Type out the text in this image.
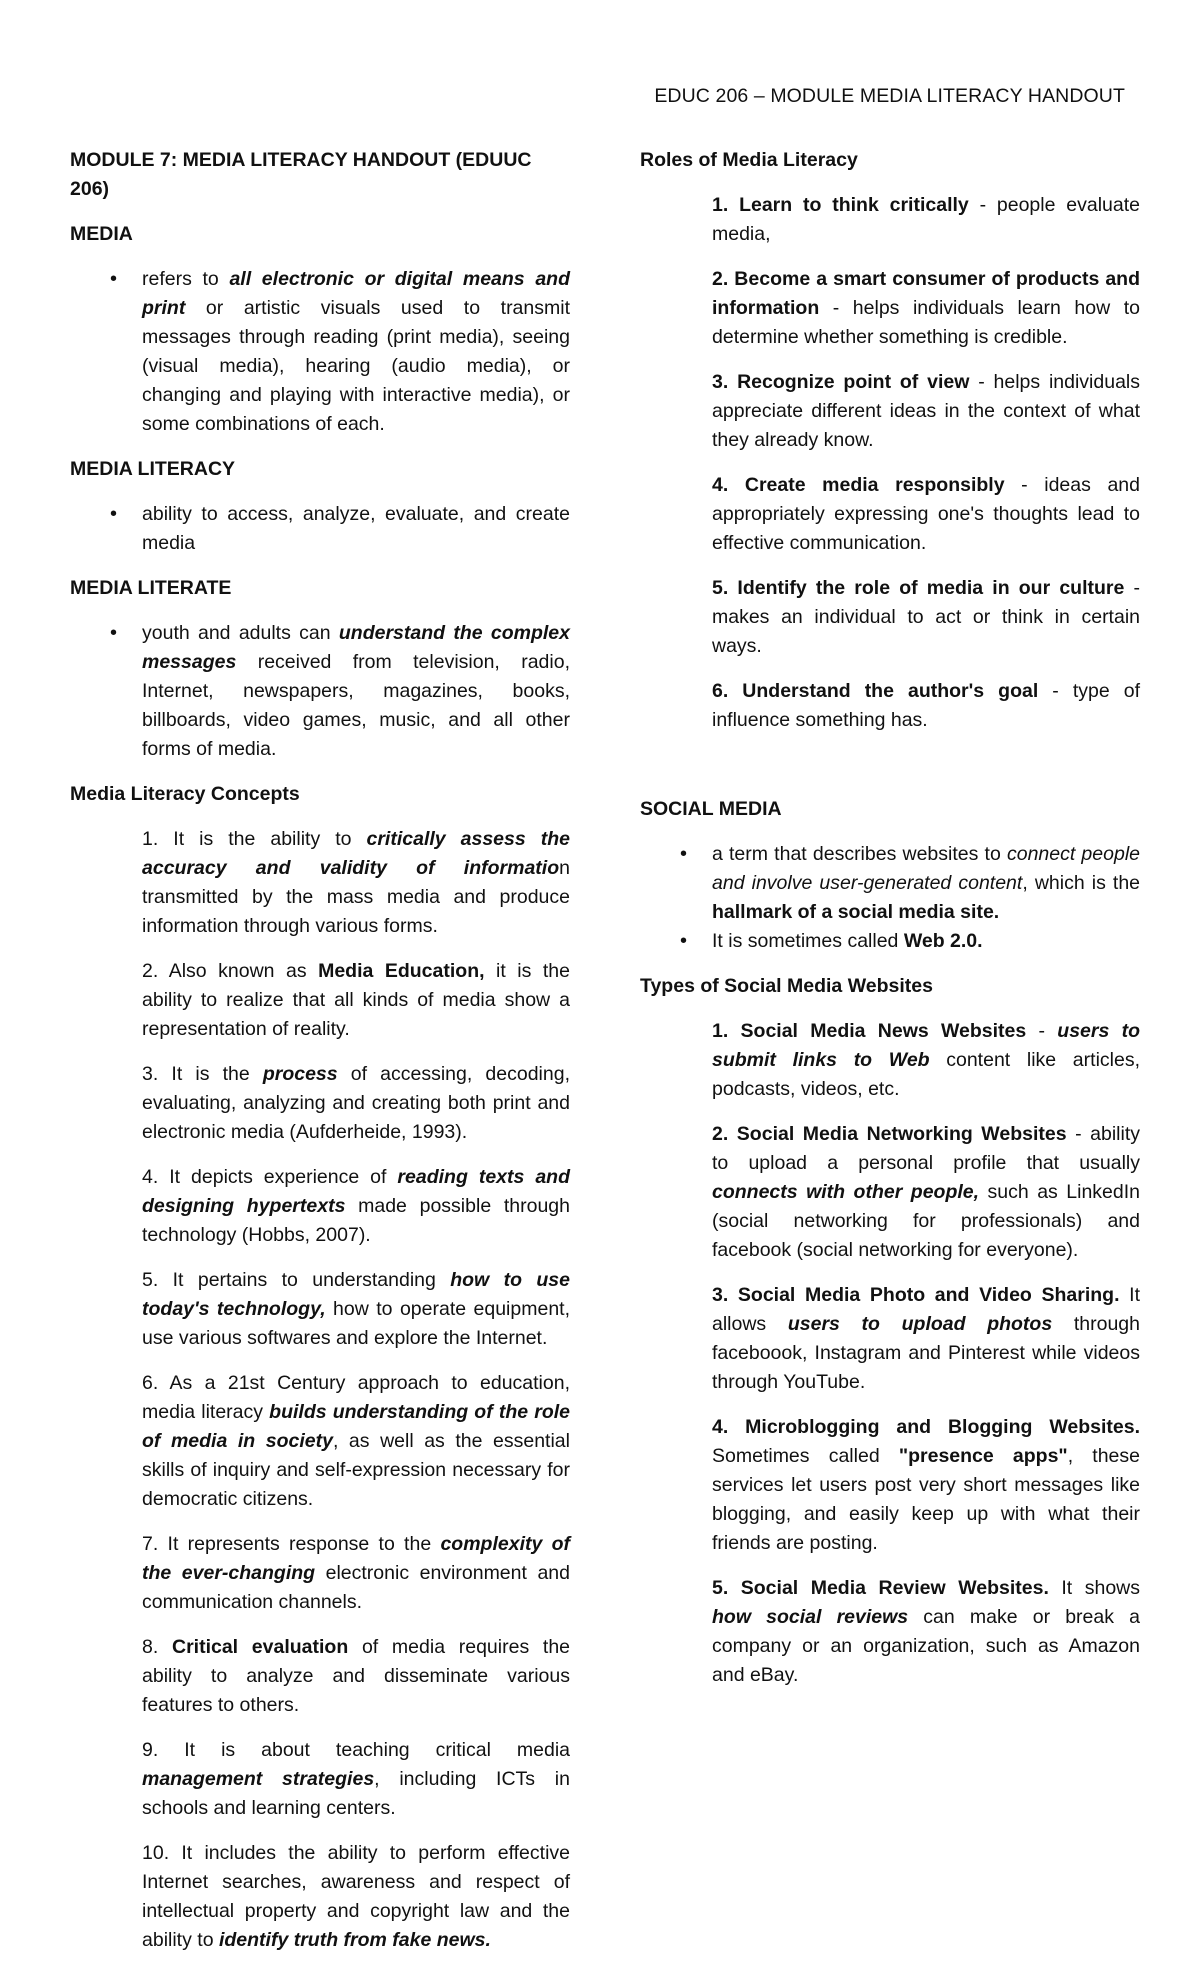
EDUC 206 – MODULE MEDIA LITERACY HANDOUT
MODULE 7: MEDIA LITERACY HANDOUT (EDUUC 206)
MEDIA
• refers to all electronic or digital means and print or artistic visuals used to transmit messages through reading (print media), seeing (visual media), hearing (audio media), or changing and playing with interactive media), or some combinations of each.
MEDIA LITERACY
• ability to access, analyze, evaluate, and create media
MEDIA LITERATE
• youth and adults can understand the complex messages received from television, radio, Internet, newspapers, magazines, books, billboards, video games, music, and all other forms of media.
Media Literacy Concepts

1. It is the ability to critically assess the accuracy and validity of information transmitted by the mass media and produce information through various forms.

2. Also known as Media Education, it is the ability to realize that all kinds of media show a representation of reality.

3. It is the process of accessing, decoding, evaluating, analyzing and creating both print and electronic media (Aufderheide, 1993).

4. It depicts experience of reading texts and designing hypertexts made possible through technology (Hobbs, 2007).

5. It pertains to understanding how to use today's technology, how to operate equipment, use various softwares and explore the Internet.

6. As a 21st Century approach to education, media literacy builds understanding of the role of media in society, as well as the essential skills of inquiry and self-expression necessary for democratic citizens.

7. It represents response to the complexity of the ever-changing electronic environment and communication channels.

8. Critical evaluation of media requires the ability to analyze and disseminate various features to others.

9. It is about teaching critical media management strategies, including ICTs in schools and learning centers.

10. It includes the ability to perform effective Internet searches, awareness and respect of intellectual property and copyright law and the ability to identify truth from fake news.

Roles of Media Literacy

1. Learn to think critically - people evaluate media,

2. Become a smart consumer of products and information - helps individuals learn how to determine whether something is credible.

3. Recognize point of view - helps individuals appreciate different ideas in the context of what they already know.

4. Create media responsibly - ideas and appropriately expressing one's thoughts lead to effective communication.

5. Identify the role of media in our culture - makes an individual to act or think in certain ways.

6. Understand the author's goal - type of influence something has.

SOCIAL MEDIA
• a term that describes websites to connect people and involve user-generated content, which is the hallmark of a social media site.
• It is sometimes called Web 2.0.
Types of Social Media Websites

1. Social Media News Websites - users to submit links to Web content like articles, podcasts, videos, etc.

2. Social Media Networking Websites - ability to upload a personal profile that usually connects with other people, such as LinkedIn (social networking for professionals) and facebook (social networking for everyone).

3. Social Media Photo and Video Sharing. It allows users to upload photos through faceboook, Instagram and Pinterest while videos through YouTube.

4. Microblogging and Blogging Websites. Sometimes called "presence apps", these services let users post very short messages like blogging, and easily keep up with what their friends are posting.

5. Social Media Review Websites. It shows how social reviews can make or break a company or an organization, such as Amazon and eBay.
